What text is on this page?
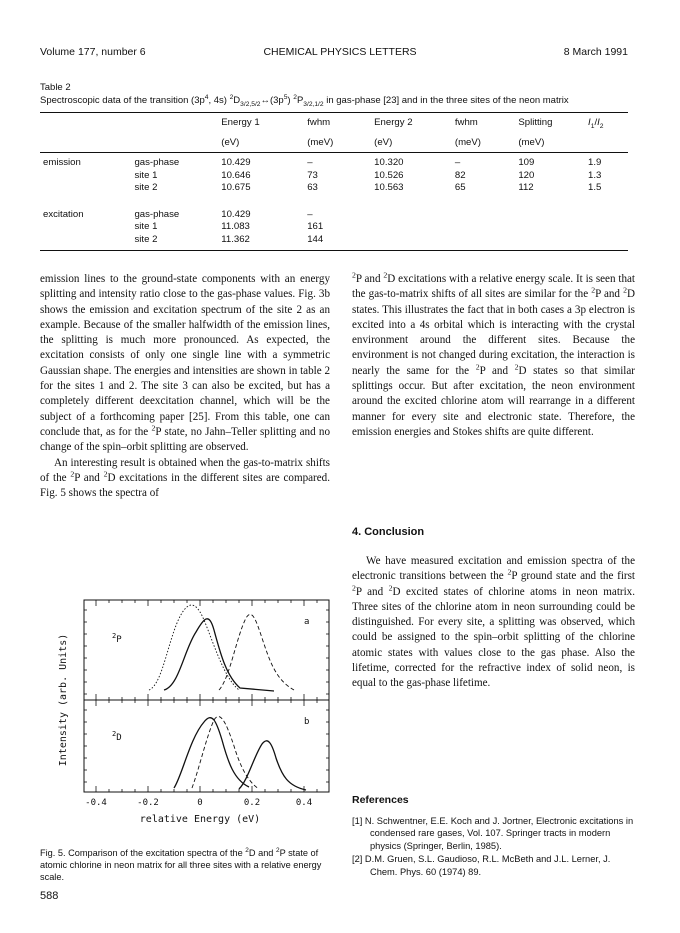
Volume 177, number 6	CHEMICAL PHYSICS LETTERS	8 March 1991
Table 2
Spectroscopic data of the transition ($3p^4$, 4s) $^2D_{3/2,5/2}\leftrightarrow(3p^5)$ $^2P_{3/2,1/2}$ in gas-phase [23] and in the three sites of the neon matrix
		Energy 1	fwhm	Energy 2	fwhm	Splitting	$I_1/I_2$
		(eV)	(meV)	(eV)	(meV)	(meV)	
emission	gas-phase	10.429	–	10.320	–	109	1.9
	site 1	10.646	73	10.526	82	120	1.3
	site 2	10.675	63	10.563	65	112	1.5

excitation	gas-phase	10.429	–				
	site 1	11.083	161				
	site 2	11.362	144				

emission lines to the ground-state components with an energy splitting and intensity ratio close to the gas-phase values. Fig. 3b shows the emission and excitation spectrum of the site 2 as an example. Because of the smaller halfwidth of the emission lines, the splitting is much more pronounced. As expected, the excitation consists of only one single line with a symmetric Gaussian shape. The energies and intensities are shown in table 2 for the sites 1 and 2. The site 3 can also be excited, but has a completely different deexcitation channel, which will be the subject of a forthcoming paper [25]. From this table, one can conclude that, as for the $^2$P state, no Jahn–Teller splitting and no change of the spin–orbit splitting are observed.

An interesting result is obtained when the gas-to-matrix shifts of the $^2$P and $^2$D excitations in the different sites are compared. Fig. 5 shows the spectra of

$^2$P and $^2$D excitations with a relative energy scale. It is seen that the gas-to-matrix shifts of all sites are similar for the $^2$P and $^2$D states. This illustrates the fact that in both cases a 3p electron is excited into a 4s orbital which is interacting with the crystal environment around the different sites. Because the environment is not changed during excitation, the interaction is nearly the same for the $^2$P and $^2$D states so that similar splittings occur. But after excitation, the neon environment around the excited chlorine atom will rearrange in a different manner for every site and electronic state. Therefore, the emission energies and Stokes shifts are quite different.
4. Conclusion

We have measured excitation and emission spectra of the electronic transitions between the $^2$P ground state and the first $^2$P and $^2$D excited states of chlorine atoms in neon matrix. Three sites of the chlorine atom in neon surrounding could be distinguished. For every site, a splitting was observed, which could be assigned to the spin–orbit splitting of the chlorine atomic states with values close to the gas phase. Also the lifetime, corrected for the refractive index of solid neon, is equal to the gas-phase lifetime.

References
[1] N. Schwentner, E.E. Koch and J. Jortner, Electronic excitations in condensed rare gases, Vol. 107. Springer tracts in modern physics (Springer, Berlin, 1985).
[2] D.M. Gruen, S.L. Gaudioso, R.L. McBeth and J.L. Lerner, J. Chem. Phys. 60 (1974) 89.
a
b
$^2$P
$^2$D
-0.4	-0.2	0	0.2	0.4
relative Energy (eV)
Intensity (arb. Units)
Fig. 5. Comparison of the excitation spectra of the $^2$D and $^2$P state of atomic chlorine in neon matrix for all three sites with a relative energy scale.
588
